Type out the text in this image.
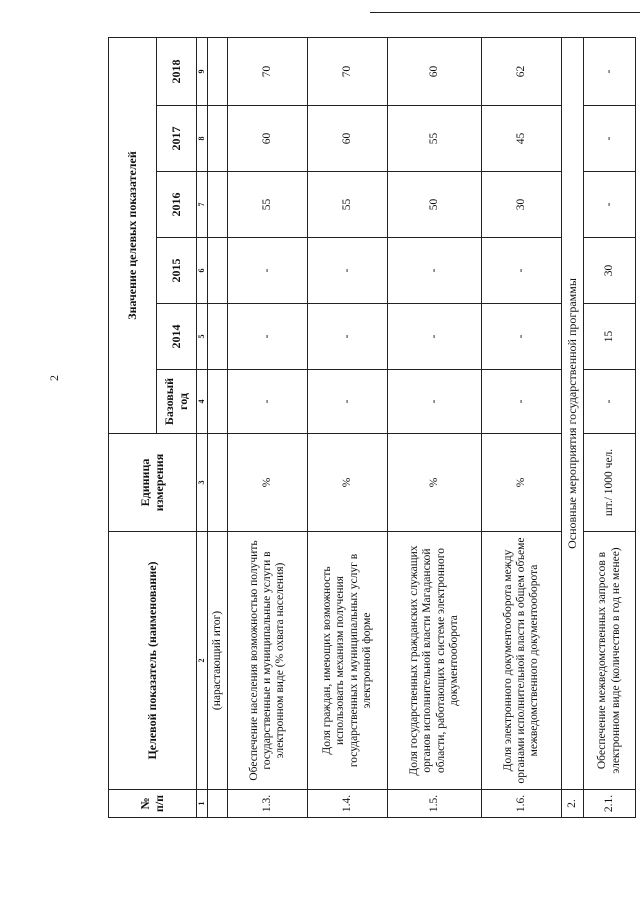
2
№ п/п	Целевой показатель (наименование)	Единица измерения	Значение целевых показателей					
			Базовый год	2014	2015	2016	2017	2018
1	2	3	4	5	6	7	8	9
	(нарастающий итог)							
1.3.	Обеспечение населения возможностью получить государственные и муниципальные услуги в электронном виде (% охвата населения)	%	-	-	-	55	60	70
1.4.	Доля граждан, имеющих возможность использовать механизм получения государственных и муниципальных услуг в электронной форме	%	-	-	-	55	60	70
1.5.	Доля государственных гражданских служащих органов исполнительной власти Магаданской области, работающих в системе электронного документооборота	%	-	-	-	50	55	60
1.6.	Доля электронного документооборота между органами исполнительной власти в общем объеме межведомственного документооборота	%	-	-	-	30	45	62
2.	Основные мероприятия государственной программы							
2.1.	Обеспечение межведомственных запросов в электронном виде (количество в год не менее)	шт./ 1000 чел.	-	15	30	-	-	-
